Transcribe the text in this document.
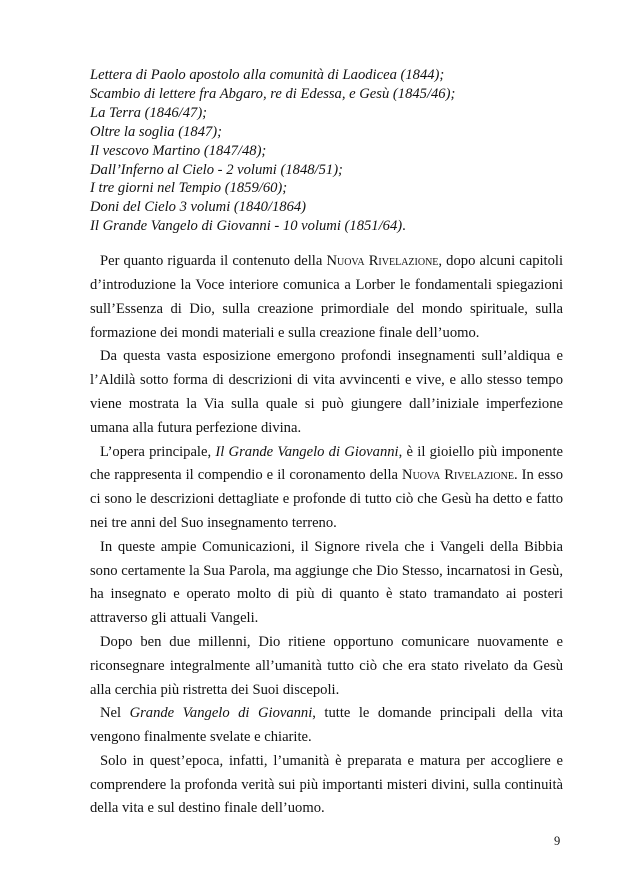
Lettera di Paolo apostolo alla comunità di Laodicea (1844);
Scambio di lettere fra Abgaro, re di Edessa, e Gesù (1845/46);
La Terra (1846/47);
Oltre la soglia (1847);
Il vescovo Martino (1847/48);
Dall’Inferno al Cielo - 2 volumi (1848/51);
I tre giorni nel Tempio (1859/60);
Doni del Cielo 3 volumi (1840/1864)
Il Grande Vangelo di Giovanni - 10 volumi (1851/64).

Per quanto riguarda il contenuto della Nuova Rivelazione, dopo alcuni capitoli d’introduzione la Voce interiore comunica a Lorber le fondamentali spiegazioni sull’Essenza di Dio, sulla creazione primordiale del mondo spirituale, sulla formazione dei mondi materiali e sulla creazione finale dell’uomo.

Da questa vasta esposizione emergono profondi insegnamenti sull’aldiqua e l’Aldilà sotto forma di descrizioni di vita avvincenti e vive, e allo stesso tempo viene mostrata la Via sulla quale si può giungere dall’iniziale imperfezione umana alla futura perfezione divina.

L’opera principale, Il Grande Vangelo di Giovanni, è il gioiello più imponente che rappresenta il compendio e il coronamento della Nuova Rivelazione. In esso ci sono le descrizioni dettagliate e profonde di tutto ciò che Gesù ha detto e fatto nei tre anni del Suo insegnamento terreno.

In queste ampie Comunicazioni, il Signore rivela che i Vangeli della Bibbia sono certamente la Sua Parola, ma aggiunge che Dio Stesso, incarnatosi in Gesù, ha insegnato e operato molto di più di quanto è stato tramandato ai posteri attraverso gli attuali Vangeli.

Dopo ben due millenni, Dio ritiene opportuno comunicare nuovamente e riconsegnare integralmente all’umanità tutto ciò che era stato rivelato da Gesù alla cerchia più ristretta dei Suoi discepoli.

Nel Grande Vangelo di Giovanni, tutte le domande principali della vita vengono finalmente svelate e chiarite.

Solo in quest’epoca, infatti, l’umanità è preparata e matura per accogliere e comprendere la profonda verità sui più importanti misteri divini, sulla continuità della vita e sul destino finale dell’uomo.

9
